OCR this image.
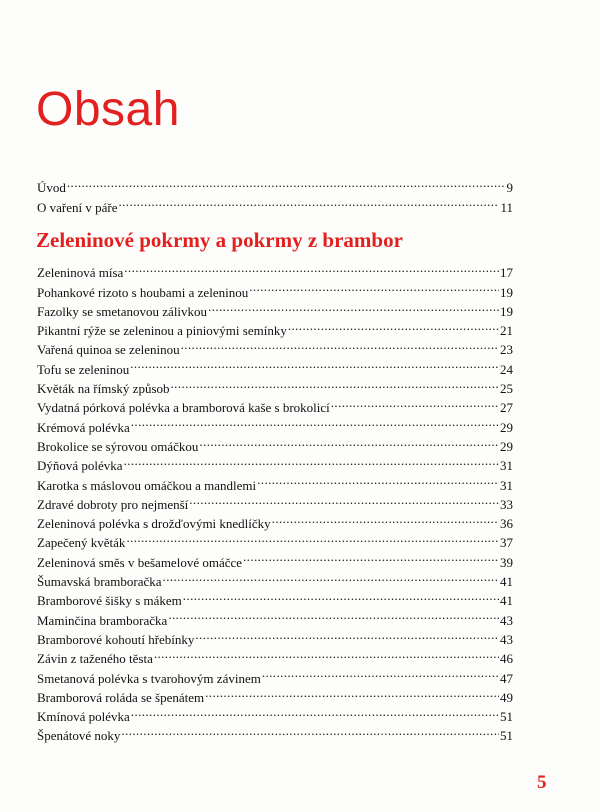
Obsah
Úvod .....	9
O vaření v páře .....	11
Zeleninové pokrmy a pokrmy z brambor
Zeleninová mísa .....	17
Pohankové rizoto s houbami a zeleninou .....	19
Fazolky se smetanovou zálivkou .....	19
Pikantní rýže se zeleninou a piniovými semínky .....	21
Vařená quinoa se zeleninou .....	23
Tofu se zeleninou .....	24
Květák na římský způsob .....	25
Vydatná pórková polévka a bramborová kaše s brokolicí .....	27
Krémová polévka .....	29
Brokolice se sýrovou omáčkou .....	29
Dýňová polévka .....	31
Karotka s máslovou omáčkou a mandlemi .....	31
Zdravé dobroty pro nejmenší .....	33
Zeleninová polévka s drožďovými knedlíčky .....	36
Zapečený květák .....	37
Zeleninová směs v bešamelové omáčce .....	39
Šumavská bramboračka .....	41
Bramborové šišky s mákem .....	41
Maminčina bramboračka .....	43
Bramborové kohoutí hřebínky .....	43
Závin z taženého těsta .....	46
Smetanová polévka s tvarohovým závinem .....	47
Bramborová roláda se špenátem .....	49
Kmínová polévka .....	51
Špenátové noky .....	51
5
